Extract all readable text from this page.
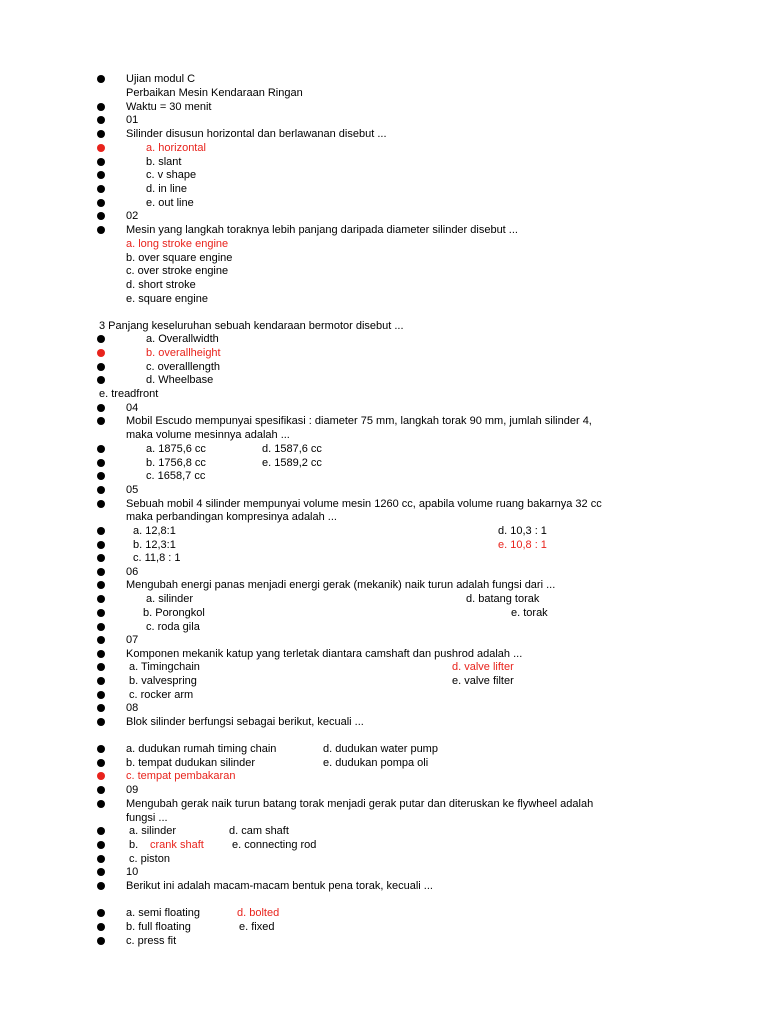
Ujian modul C
Perbaikan Mesin Kendaraan Ringan
Waktu = 30 menit
01
Silinder disusun horizontal dan berlawanan disebut ...
a. horizontal
b. slant
c. v shape
d. in line
e. out line
02
Mesin yang langkah toraknya lebih panjang daripada diameter silinder disebut ...
a. long stroke engine
b. over square engine
c. over stroke engine
d. short stroke
e. square engine
3 Panjang keseluruhan sebuah kendaraan bermotor disebut ...
a. Overallwidth
b. overallheight
c. overalllength
d. Wheelbase
e. treadfront
04
Mobil Escudo mempunyai spesifikasi : diameter 75 mm, langkah torak 90 mm, jumlah silinder 4,
maka volume mesinnya adalah ...
a. 1875,6 cc	d. 1587,6 cc
b. 1756,8 cc	e. 1589,2 cc
c. 1658,7 cc
05
Sebuah mobil 4 silinder mempunyai volume mesin 1260 cc, apabila volume ruang bakarnya 32 cc
maka perbandingan kompresinya adalah ...
a. 12,8:1	d. 10,3 : 1
b. 12,3:1	e. 10,8 : 1
c. 11,8 : 1
06
Mengubah energi panas menjadi energi gerak (mekanik) naik turun adalah fungsi dari ...
a. silinder	d. batang torak
b. Porongkol	e. torak
c. roda gila
07
Komponen mekanik katup yang terletak diantara camshaft dan pushrod adalah ...
a. Timingchain	d. valve lifter
b. valvespring	e. valve filter
c. rocker arm
08
Blok silinder berfungsi sebagai berikut, kecuali ...
a. dudukan rumah timing chain	d. dudukan water pump
b. tempat dudukan silinder	e. dudukan pompa oli
c. tempat pembakaran
09
Mengubah gerak naik turun batang torak menjadi gerak putar dan diteruskan ke flywheel adalah
fungsi ...
a. silinder	d. cam shaft
b. crank shaft	e. connecting rod
c. piston
10
Berikut ini adalah macam-macam bentuk pena torak, kecuali ...
a. semi floating	d. bolted
b. full floating	e. fixed
c. press fit
